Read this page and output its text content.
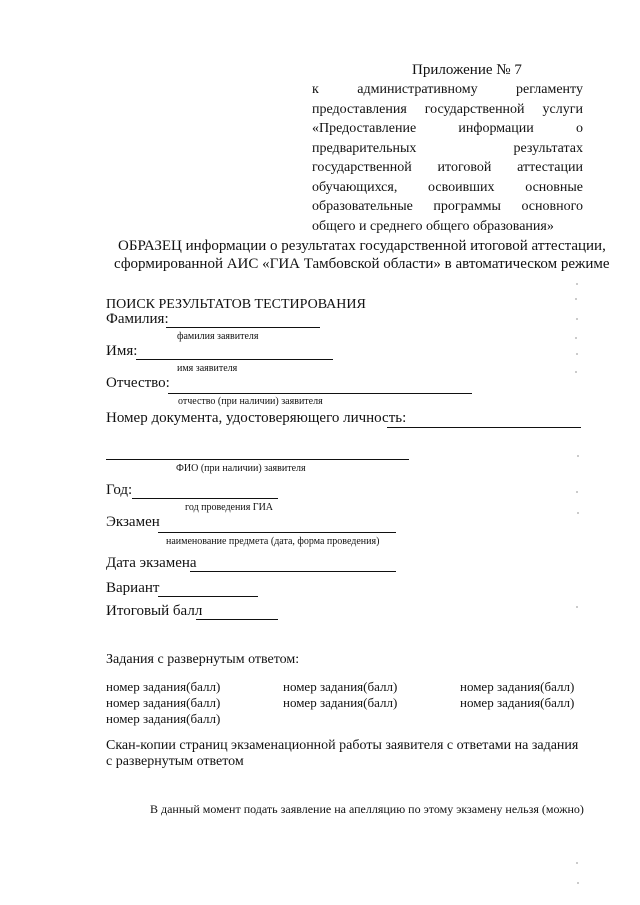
Приложение № 7
к	административному	регламенту
предоставления государственной услуги
«Предоставление	информации	о
предварительных	результатах
государственной итоговой аттестации
обучающихся, освоивших основные
образовательные программы основного
общего и среднего общего образования»
ОБРАЗЕЦ информации о результатах государственной итоговой аттестации,
сформированной АИС «ГИА Тамбовской области» в автоматическом режиме
ПОИСК РЕЗУЛЬТАТОВ ТЕСТИРОВАНИЯ
Фамилия:
фамилия заявителя
Имя:
имя заявителя
Отчество:
отчество (при наличии) заявителя
Номер документа, удостоверяющего личность:
ФИО (при наличии) заявителя
Год:
год проведения ГИА
Экзамен
наименование предмета (дата, форма проведения)
Дата экзамена
Вариант
Итоговый балл
Задания с развернутым ответом:
номер задания(балл)	номер задания(балл)	номер задания(балл)
номер задания(балл)	номер задания(балл)	номер задания(балл)
номер задания(балл)
Скан-копии страниц экзаменационной работы заявителя с ответами на задания
с развернутым ответом
В данный момент подать заявление на апелляцию по этому экзамену нельзя (можно)
